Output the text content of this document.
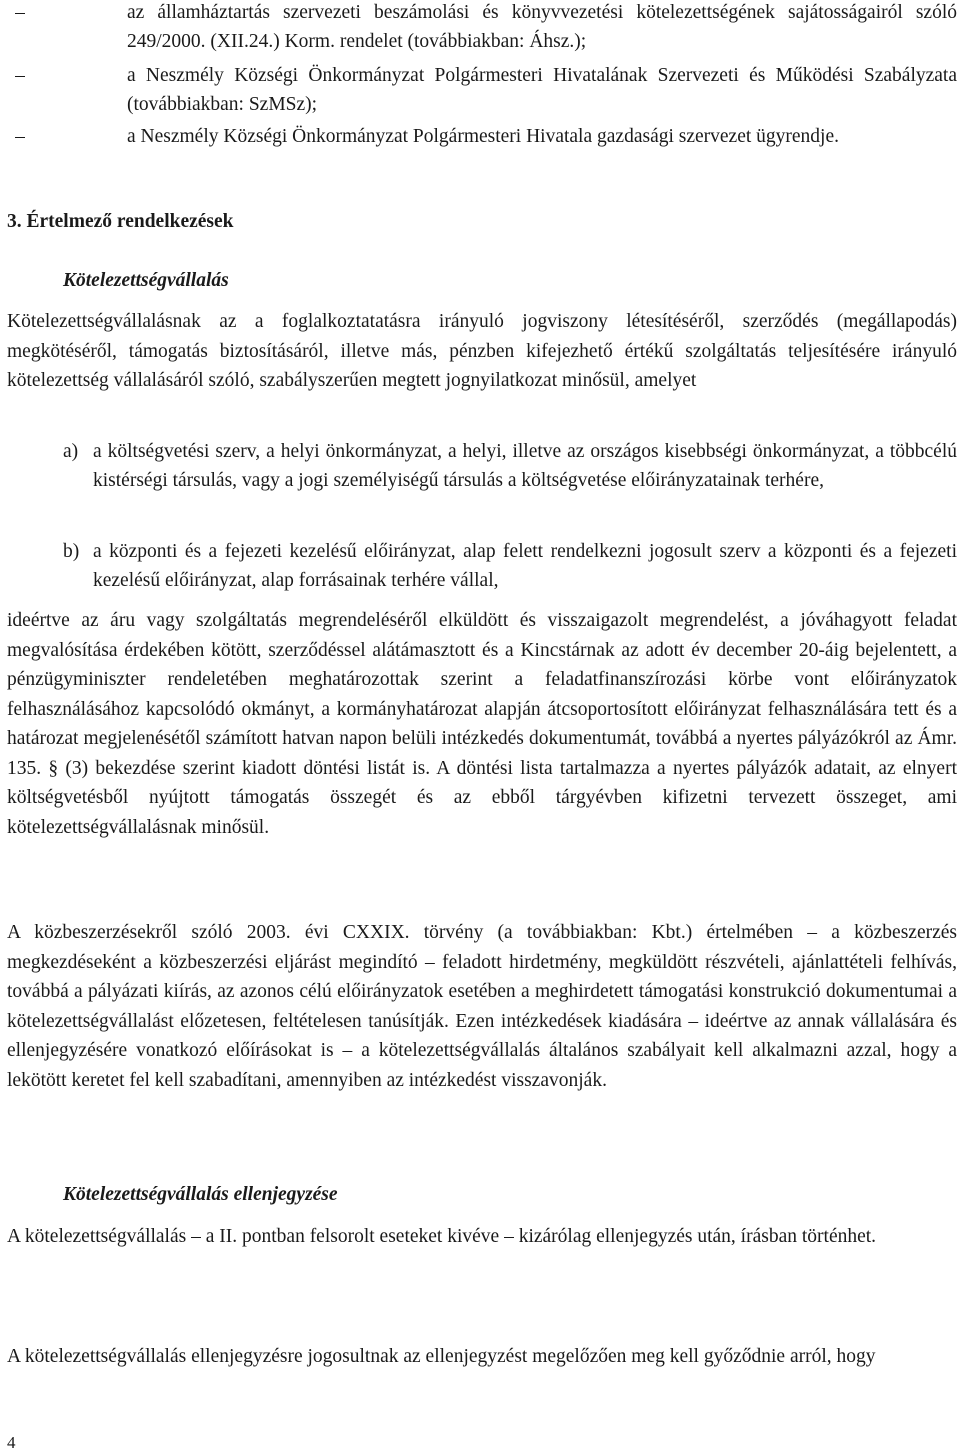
–	az államháztartás szervezeti beszámolási és könyvvezetési kötelezettségének sajátosságairól szóló 249/2000. (XII.24.) Korm. rendelet (továbbiakban: Áhsz.);
–	a Neszmély Községi Önkormányzat Polgármesteri Hivatalának Szervezeti és Működési Szabályzata (továbbiakban: SzMSz);
–	a Neszmély Községi Önkormányzat Polgármesteri Hivatala gazdasági szervezet ügyrendje.
3. Értelmező rendelkezések
Kötelezettségvállalás
Kötelezettségvállalásnak az a foglalkoztatatásra irányuló jogviszony létesítéséről, szerződés (megállapodás) megkötéséről, támogatás biztosításáról, illetve más, pénzben kifejezhető értékű szolgáltatás teljesítésére irányuló kötelezettség vállalásáról szóló, szabályszerűen megtett jognyilatkozat minősül, amelyet
a) a költségvetési szerv, a helyi önkormányzat, a helyi, illetve az országos kisebbségi önkormányzat, a többcélú kistérségi társulás, vagy a jogi személyiségű társulás a költségvetése előirányzatainak terhére,
b) a központi és a fejezeti kezelésű előirányzat, alap felett rendelkezni jogosult szerv a központi és a fejezeti kezelésű előirányzat, alap forrásainak terhére vállal,
ideértve az áru vagy szolgáltatás megrendeléséről elküldött és visszaigazolt megrendelést, a jóváhagyott feladat megvalósítása érdekében kötött, szerződéssel alátámasztott és a Kincstárnak az adott év december 20-áig bejelentett, a pénzügyminiszter rendeletében meghatározottak szerint a feladatfinanszírozási körbe vont előirányzatok felhasználásához kapcsolódó okmányt, a kormányhatározat alapján átcsoportosított előirányzat felhasználására tett és a határozat megjelenésétől számított hatvan napon belüli intézkedés dokumentumát, továbbá a nyertes pályázókról az Ámr. 135. § (3) bekezdése szerint kiadott döntési listát is. A döntési lista tartalmazza a nyertes pályázók adatait, az elnyert költségvetésből nyújtott támogatás összegét és az ebből tárgyévben kifizetni tervezett összeget, ami kötelezettségvállalásnak minősül.
A közbeszerzésekről szóló 2003. évi CXXIX. törvény (a továbbiakban: Kbt.) értelmében – a közbeszerzés megkezdéseként a közbeszerzési eljárást megindító – feladott hirdetmény, megküldött részvételi, ajánlattételi felhívás, továbbá a pályázati kiírás, az azonos célú előirányzatok esetében a meghirdetett támogatási konstrukció dokumentumai a kötelezettségvállalást előzetesen, feltételesen tanúsítják. Ezen intézkedések kiadására – ideértve az annak vállalására és ellenjegyzésére vonatkozó előírásokat is – a kötelezettségvállalás általános szabályait kell alkalmazni azzal, hogy a lekötött keretet fel kell szabadítani, amennyiben az intézkedést visszavonják.
Kötelezettségvállalás ellenjegyzése
A kötelezettségvállalás – a II. pontban felsorolt eseteket kivéve – kizárólag ellenjegyzés után, írásban történhet.
A kötelezettségvállalás ellenjegyzésre jogosultnak az ellenjegyzést megelőzően meg kell győződnie arról, hogy
4
